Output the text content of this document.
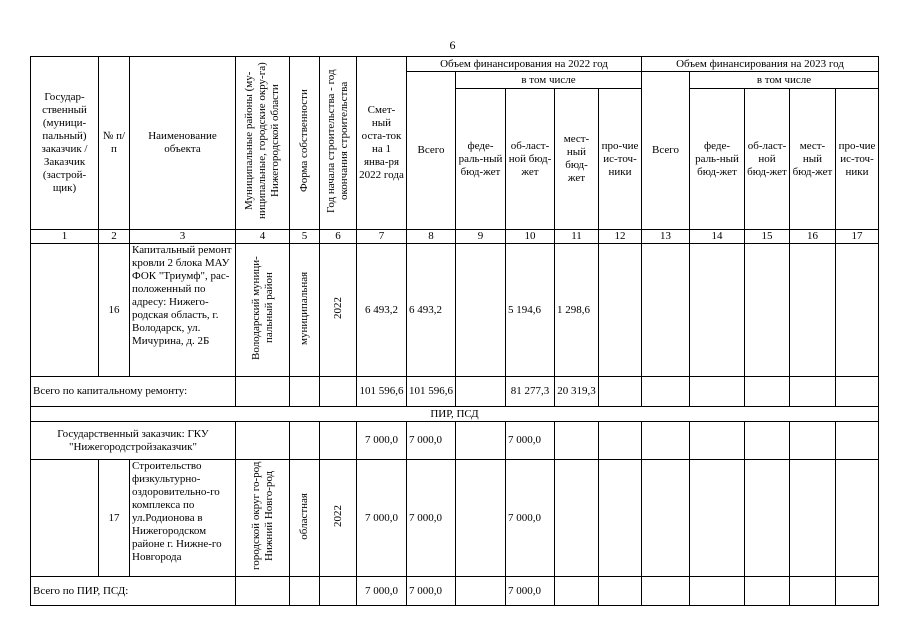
6
Государ-ственный (муници-пальный) заказчик / Заказчик (застрой-щик)	№ п/п	Наименование объекта	Муниципальные районы (му-ниципальные, городские окру-га) Нижегородской области	Форма собственности	Год начала строительства - год окончания строительства	Смет-ный оста-ток на 1 янва-ря 2022 года	Объем финансирования на 2022 год					Объем финансирования на 2023 год				
							Всего	в том числе				Всего	в том числе			
								феде-раль-ный бюд-жет	об-ласт-ной бюд-жет	мест-ный бюд-жет	про-чие ис-точ-ники		феде-раль-ный бюд-жет	об-ласт-ной бюд-жет	мест-ный бюд-жет	про-чие ис-точ-ники
1	2	3	4	5	6	7	8	9	10	11	12	13	14	15	16	17
	16	Капитальный ремонт кровли 2 блока МАУ ФОК "Триумф", рас-положенный по адресу: Нижего-родская область, г. Володарск, ул. Мичурина, д. 2Б	Володарский муници-пальный район	муниципальная	2022	6 493,2	6 493,2		5 194,6	1 298,6						
Всего по капитальному ремонту:						101 596,6	101 596,6		81 277,3	20 319,3						
ПИР, ПСД																
Государственный заказчик: ГКУ "Нижегородстройзаказчик"						7 000,0	7 000,0		7 000,0							
	17	Строительство физкультурно-оздоровительно-го комплекса по ул.Родионова в Нижегородском районе г. Нижне-го Новгорода	городской округ го-род Нижний Новго-род	областная	2022	7 000,0	7 000,0		7 000,0							
Всего по ПИР, ПСД:						7 000,0	7 000,0		7 000,0							
